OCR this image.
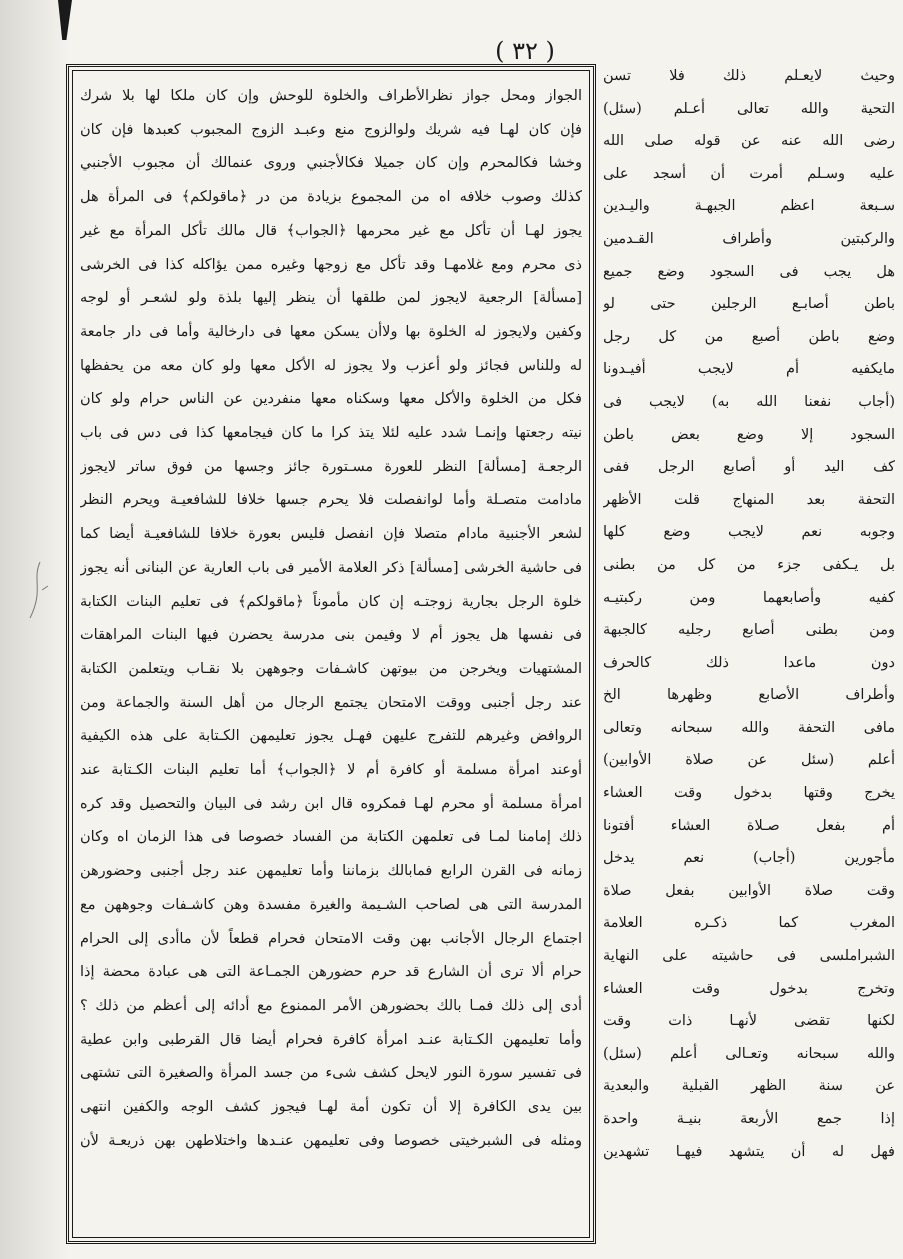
( ٣٢ )
الجواز ومحل جواز نظرالأطراف والخلوة للوحش وإن كان ملكا لها بلا شرك
فإن كان لهـا فيه شريك ولوالزوج منع وعبـد الزوج المجبوب كعبدها فإن كان
وخشا فكالمحرم وإن كان جميلا فكالأجنبي وروى عنمالك أن مجبوب الأجنبي
كذلك وصوب خلافه اه من المجموع بزيادة من در ﴿ماقولكم﴾ فى المرأة هل
يجوز لهـا أن تأكل مع غير محرمها ﴿الجواب﴾ قال مالك تأكل المرأة مع غير
ذى محرم ومع غلامهـا وقد تأكل مع زوجها وغيره ممن يؤاكله كذا فى الخرشى
[مسألة] الرجعية لايجوز لمن طلقها أن ينظر إليها بلذة ولو لشعـر أو لوجه
وكفين ولايجوز له الخلوة بها ولاأن يسكن معها فى دارخالية وأما فى دار جامعة
له وللناس فجائز ولو أعزب ولا يجوز له الأكل معها ولو كان معه من يحفظها
فكل من الخلوة والأكل معها وسكناه معها منفردين عن الناس حرام ولو كان
نيته رجعتها وإنمـا شدد عليه لئلا يتذ كرا ما كان فيجامعها كذا فى دس فى باب
الرجعـة [مسألة] النظر للعورة مسـتورة جائز وجسها من فوق ساتر لايجوز
مادامت متصـلة وأما لوانفصلت فلا يحرم جسها خلافا للشافعيـة ويحرم النظر
لشعر الأجنبية مادام متصلا فإن انفصل فليس بعورة خلافا للشافعيـة أيضا كما
فى حاشية الخرشى [مسألة] ذكر العلامة الأمير فى باب العارية عن البنانى أنه يجوز
خلوة الرجل بجارية زوجتـه إن كان مأموناً ﴿ماقولكم﴾ فى تعليم البنات الكتابة
فى نفسها هل يجوز أم لا وفيمن بنى مدرسة يحضرن فيها البنات المراهقات
المشتهيات ويخرجن من بيوتهن كاشـفات وجوههن بلا نقـاب ويتعلمن الكتابة
عند رجل أجنبى ووقت الامتحان يجتمع الرجال من أهل السنة والجماعة ومن
الروافض وغيرهم للتفرج عليهن فهـل يجوز تعليمهن الكـتابة على هذه الكيفية
أوعند امرأة مسلمة أو كافرة أم لا ﴿الجواب﴾ أما تعليم البنات الكـتابة عند
امرأة مسلمة أو محرم لهـا فمكروه قال ابن رشد فى البيان والتحصيل وقد كره
ذلك إمامنا لمـا فى تعلمهن الكتابة من الفساد خصوصا فى هذا الزمان اه وكان
زمانه فى القرن الرابع فمابالك بزماننا وأما تعليمهن عند رجل أجنبى وحضورهن
المدرسة التى هى لصاحب الشـيمة والغيرة مفسدة وهن كاشـفات وجوههن مع
اجتماع الرجال الأجانب بهن وقت الامتحان فحرام قطعاً لأن ماأدى إلى الحرام
حرام ألا ترى أن الشارع قد حرم حضورهن الجمـاعة التى هى عبادة محضة إذا
أدى إلى ذلك فمـا بالك بحضورهن الأمر الممنوع مع أدائه إلى أعظم من ذلك ؟
وأما تعليمهن الكـتابة عنـد امرأة كافرة فحرام أيضا قال القرطبى وابن عطية
فى تفسير سورة النور لايحل كشف شىء من جسد المرأة والصغيرة التى تشتهى
بين يدى الكافرة إلا أن تكون أمة لهـا فيجوز كشف الوجه والكفين انتهى
ومثله فى الشبرخيتى خصوصا وفى تعليمهن عنـدها واختلاطهن بهن ذريعـة لأن
وحيث لايعـلم ذلك فلا تسن
التحية والله تعالى أعـلم (سئل)
رضى الله عنه عن قوله صلى الله
عليه وسـلم أمرت أن أسجد على
سـبعة اعظم الجبهـة واليـدين
والركبتين وأطراف القـدمين
هل يجب فى السجود وضع جميع
باطن أصابـع الرجلين حتى لو
وضع باطن أصبع من كل رجل
مايكفيه أم لايجب أفيـدونا
(أجاب نفعنا الله به) لايجب فى
السجود إلا وضع بعض باطن
كف اليد أو أصابع الرجل ففى
التحفة بعد المنهاج قلت الأظهر
وجوبه نعم لايجب وضع كلها
بل يـكفى جزء من كل من بطنى
كفيه وأصابعهما ومن ركبتيـه
ومن بطنى أصابع رجليه كالجبهة
دون ماعدا ذلك كالحرف
وأطراف الأصابع وظهرها الخ
مافى التحفة والله سبحانه وتعالى
أعلم (سئل عن صلاة الأوابين)
يخرج وقتها بدخول وقت العشاء
أم بفعل صـلاة العشاء أفتونا
مأجورين (أجاب) نعم يدخل
وقت صلاة الأوابين بفعل صلاة
المغرب كما ذكـره العلامة
الشبراملسى فى حاشيته على النهاية
وتخرج بدخول وقت العشاء
لكنها تقضى لأنهـا ذات وقت
والله سبحانه وتعـالى أعلم (سئل)
عن سنة الظهر القبلية والبعدية
إذا جمع الأربعة بنيـة واحدة
فهل له أن يتشهد فيهـا تشهدين
